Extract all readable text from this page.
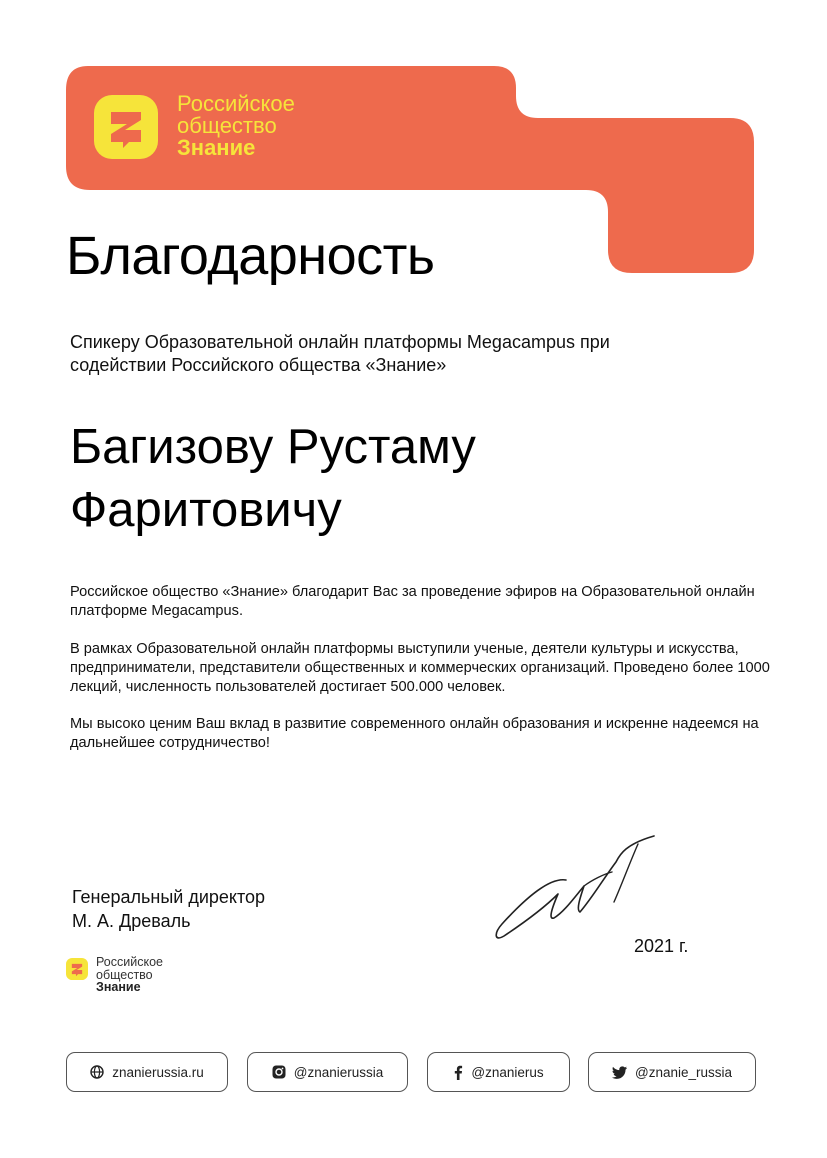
Российское
общество
Знание
Благодарность
Спикеру Образовательной онлайн платформы Megacampus при содействии Российского общества «Знание»
Багизову Рустаму
Фаритовичу
Российское общество «Знание» благодарит Вас за проведение эфиров на Образовательной онлайн платформе Megacampus.
В рамках Образовательной онлайн платформы выступили ученые, деятели культуры и искусства, предприниматели, представители общественных и коммерческих организаций. Проведено более 1000 лекций, численность пользователей достигает 500.000 человек.
Мы высоко ценим Ваш вклад в развитие современного онлайн образования и искренне надеемся на дальнейшее сотрудничество!
Генеральный директор
М. А. Древаль
2021 г.
Российское
общество
Знание
znanierussia.ru	@znanierussia	@znanierus	@znanie_russia
